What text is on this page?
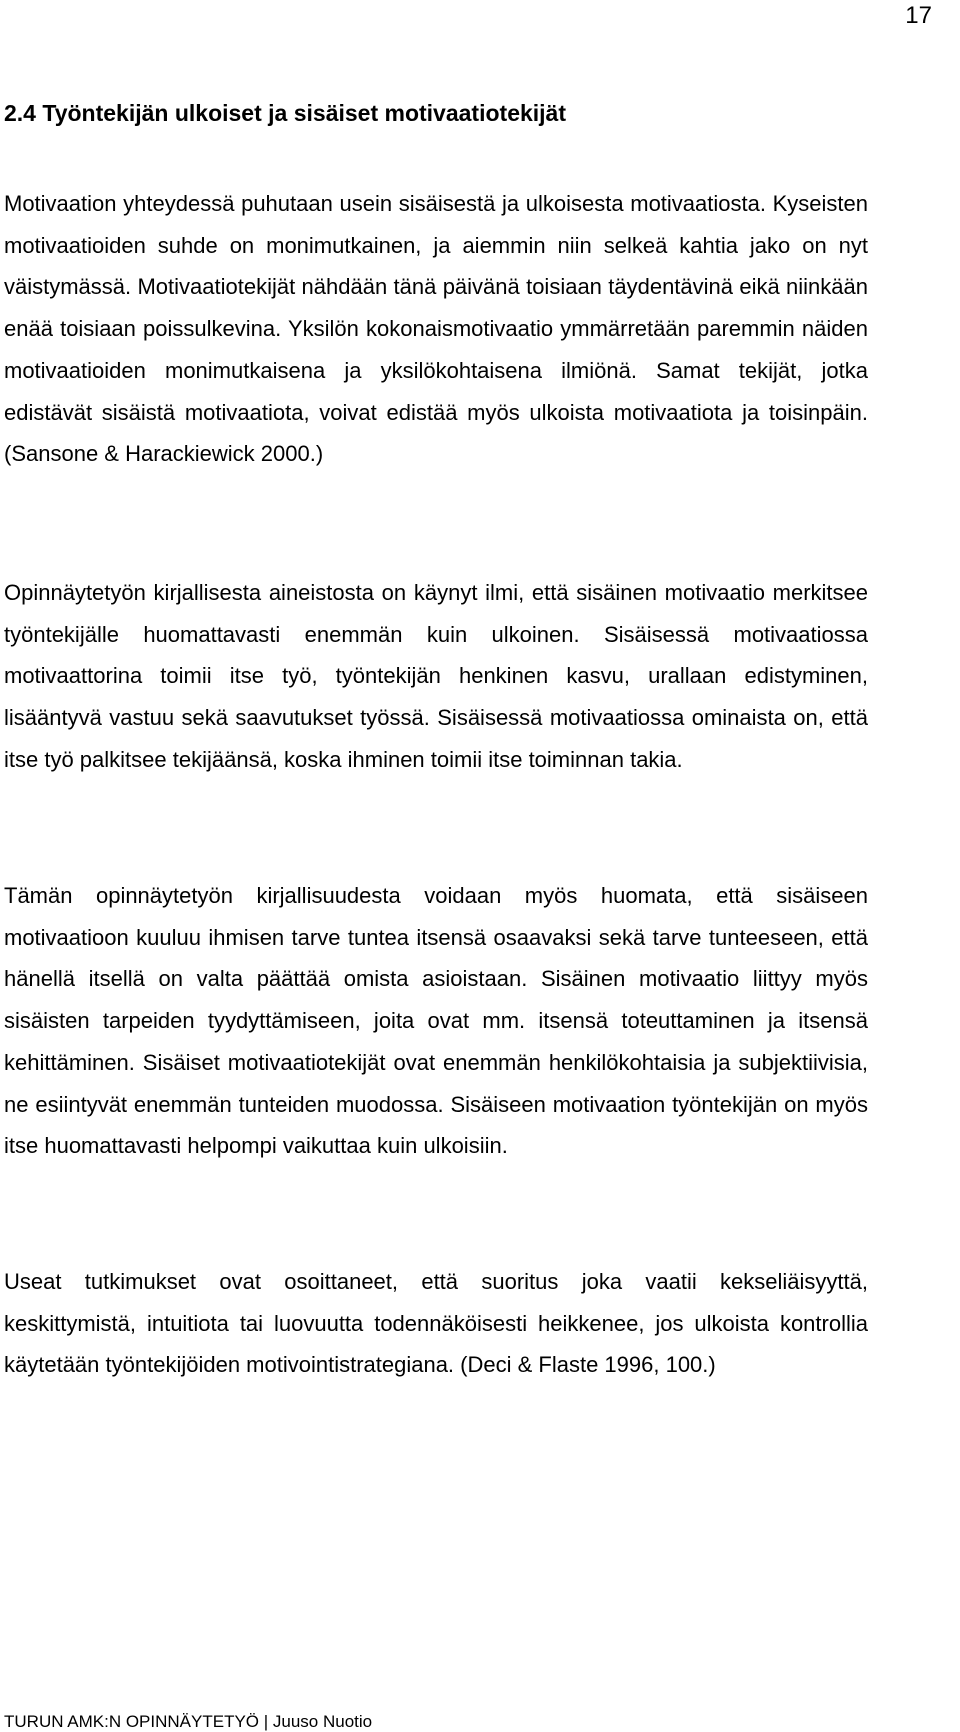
17
2.4 Työntekijän ulkoiset ja sisäiset motivaatiotekijät

Motivaation yhteydessä puhutaan usein sisäisestä ja ulkoisesta motivaatiosta. Kyseisten motivaatioiden suhde on monimutkainen, ja aiemmin niin selkeä kahtia jako on nyt väistymässä. Motivaatiotekijät nähdään tänä päivänä toisiaan täydentävinä eikä niinkään enää toisiaan poissulkevina. Yksilön kokonaismotivaatio ymmärretään paremmin näiden motivaatioiden monimutkaisena ja yksilökohtaisena ilmiönä. Samat tekijät, jotka edistävät sisäistä motivaatiota, voivat edistää myös ulkoista motivaatiota ja toisinpäin. (Sansone & Harackiewick 2000.)

Opinnäytetyön kirjallisesta aineistosta on käynyt ilmi, että sisäinen motivaatio merkitsee työntekijälle huomattavasti enemmän kuin ulkoinen. Sisäisessä motivaatiossa motivaattorina toimii itse työ, työntekijän henkinen kasvu, urallaan edistyminen, lisääntyvä vastuu sekä saavutukset työssä. Sisäisessä motivaatiossa ominaista on, että itse työ palkitsee tekijäänsä, koska ihminen toimii itse toiminnan takia.

Tämän opinnäytetyön kirjallisuudesta voidaan myös huomata, että sisäiseen motivaatioon kuuluu ihmisen tarve tuntea itsensä osaavaksi sekä tarve tunteeseen, että hänellä itsellä on valta päättää omista asioistaan. Sisäinen motivaatio liittyy myös sisäisten tarpeiden tyydyttämiseen, joita ovat mm. itsensä toteuttaminen ja itsensä kehittäminen. Sisäiset motivaatiotekijät ovat enemmän henkilökohtaisia ja subjektiivisia, ne esiintyvät enemmän tunteiden muodossa. Sisäiseen motivaation työntekijän on myös itse huomattavasti helpompi vaikuttaa kuin ulkoisiin.

Useat tutkimukset ovat osoittaneet, että suoritus joka vaatii kekseliäisyyttä, keskittymistä, intuitiota tai luovuutta todennäköisesti heikkenee, jos ulkoista kontrollia käytetään työntekijöiden motivointistrategiana. (Deci & Flaste 1996, 100.)

TURUN AMK:N OPINNÄYTETYÖ | Juuso Nuotio
